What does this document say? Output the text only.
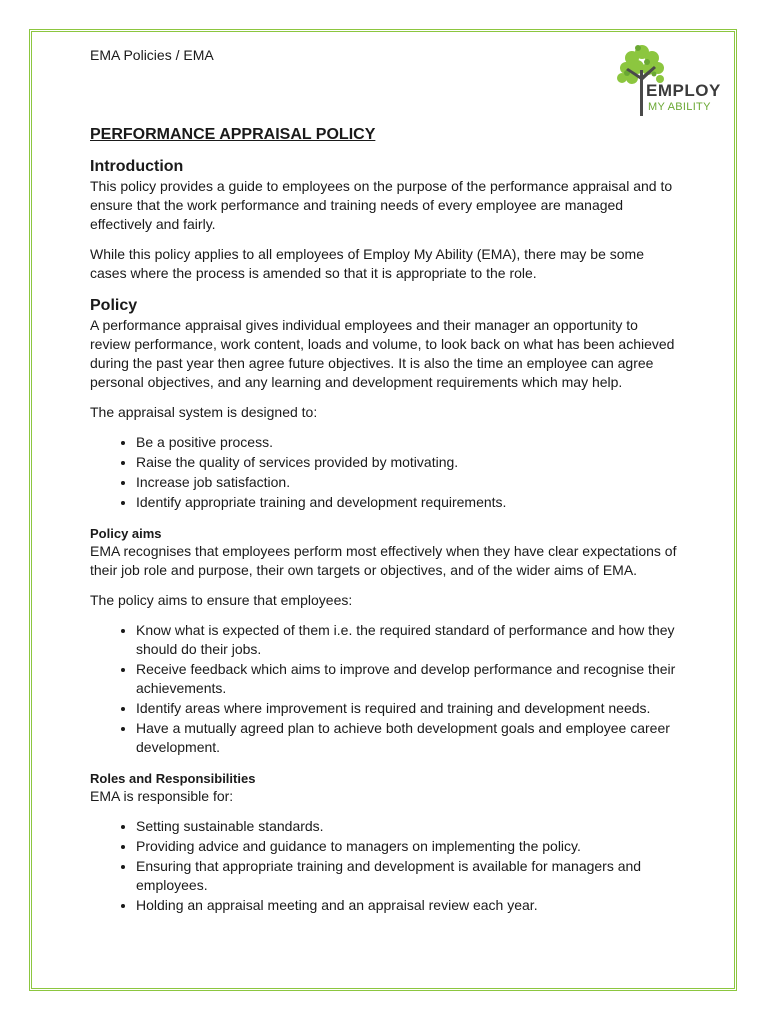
EMPLOY
MY ABILITY

EMA Policies / EMA

PERFORMANCE APPRAISAL POLICY
Introduction

This policy provides a guide to employees on the purpose of the performance appraisal and to ensure that the work performance and training needs of every employee are managed effectively and fairly.

While this policy applies to all employees of Employ My Ability (EMA), there may be some cases where the process is amended so that it is appropriate to the role.

Policy

A performance appraisal gives individual employees and their manager an opportunity to review performance, work content, loads and volume, to look back on what has been achieved during the past year then agree future objectives. It is also the time an employee can agree personal objectives, and any learning and development requirements which may help.

The appraisal system is designed to:

• Be a positive process.
• Raise the quality of services provided by motivating.
• Increase job satisfaction.
• Identify appropriate training and development requirements.
Policy aims

EMA recognises that employees perform most effectively when they have clear expectations of their job role and purpose, their own targets or objectives, and of the wider aims of EMA.

The policy aims to ensure that employees:

• Know what is expected of them i.e. the required standard of performance and how they should do their jobs.
• Receive feedback which aims to improve and develop performance and recognise their achievements.
• Identify areas where improvement is required and training and development needs.
• Have a mutually agreed plan to achieve both development goals and employee career development.
Roles and Responsibilities

EMA is responsible for:

• Setting sustainable standards.
• Providing advice and guidance to managers on implementing the policy.
• Ensuring that appropriate training and development is available for managers and employees.
• Holding an appraisal meeting and an appraisal review each year.
